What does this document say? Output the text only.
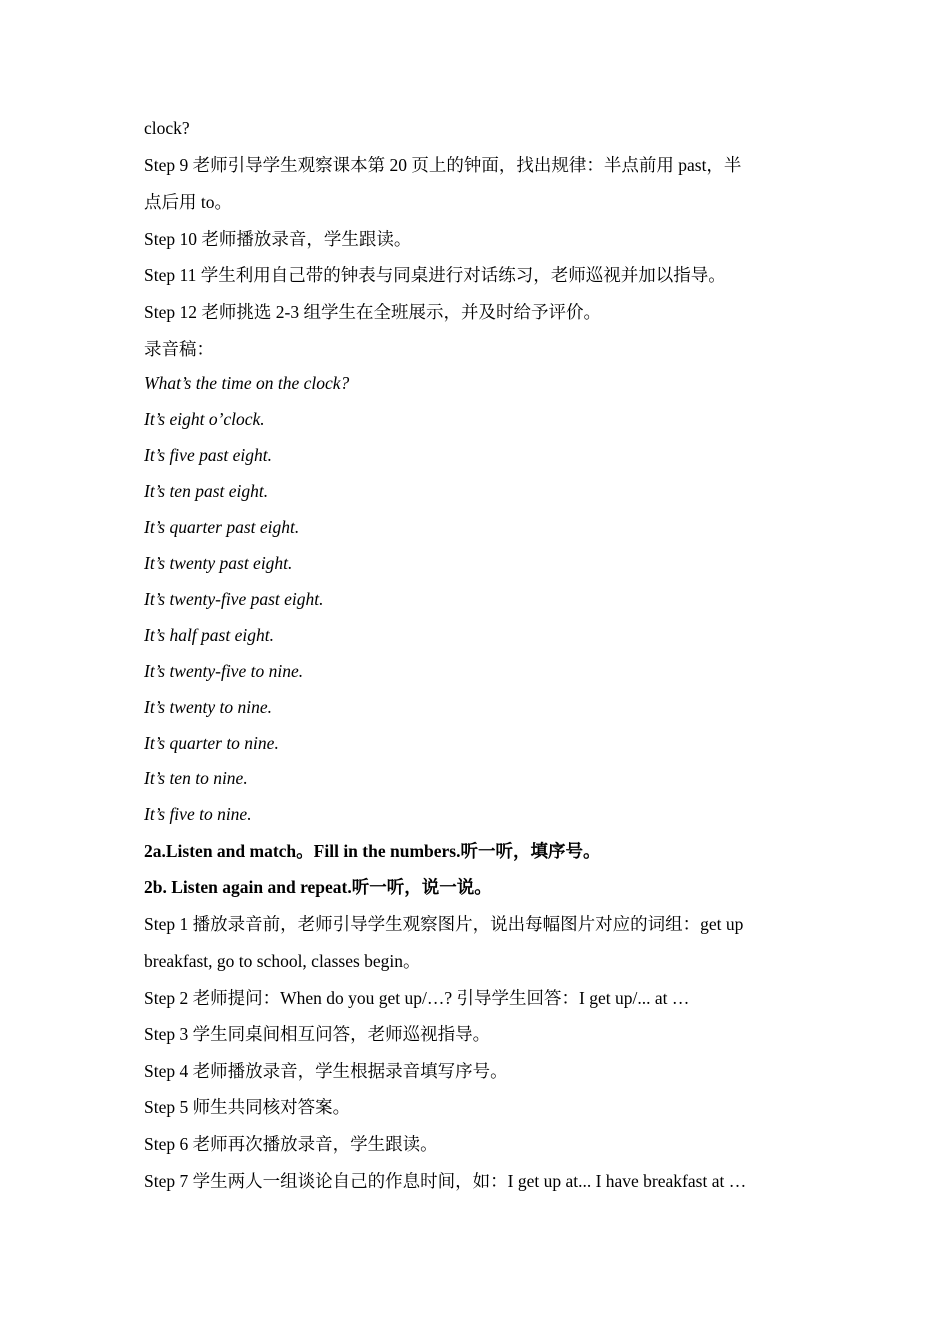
clock?
Step 9 老师引导学生观察课本第 20 页上的钟面，找出规律：半点前用 past，半
点后用 to。
Step 10 老师播放录音，学生跟读。
Step 11 学生利用自己带的钟表与同桌进行对话练习，老师巡视并加以指导。
Step 12 老师挑选 2-3 组学生在全班展示，并及时给予评价。
录音稿：
What’s the time on the clock?
It’s eight o’clock.
It’s five past eight.
It’s ten past eight.
It’s quarter past eight.
It’s twenty past eight.
It’s twenty-five past eight.
It’s half past eight.
It’s twenty-five to nine.
It’s twenty to nine.
It’s quarter to nine.
It’s ten to nine.
It’s five to nine.
2a.Listen and match。Fill in the numbers.听一听，填序号。
2b. Listen again and repeat.听一听，说一说。
Step 1 播放录音前，老师引导学生观察图片，说出每幅图片对应的词组：get up
breakfast, go to school, classes begin。
Step 2 老师提问：When do you get up/…? 引导学生回答：I get up/... at …
Step 3 学生同桌间相互问答，老师巡视指导。
Step 4 老师播放录音，学生根据录音填写序号。
Step 5 师生共同核对答案。
Step 6 老师再次播放录音，学生跟读。
Step 7 学生两人一组谈论自己的作息时间，如：I get up at... I have breakfast at …
